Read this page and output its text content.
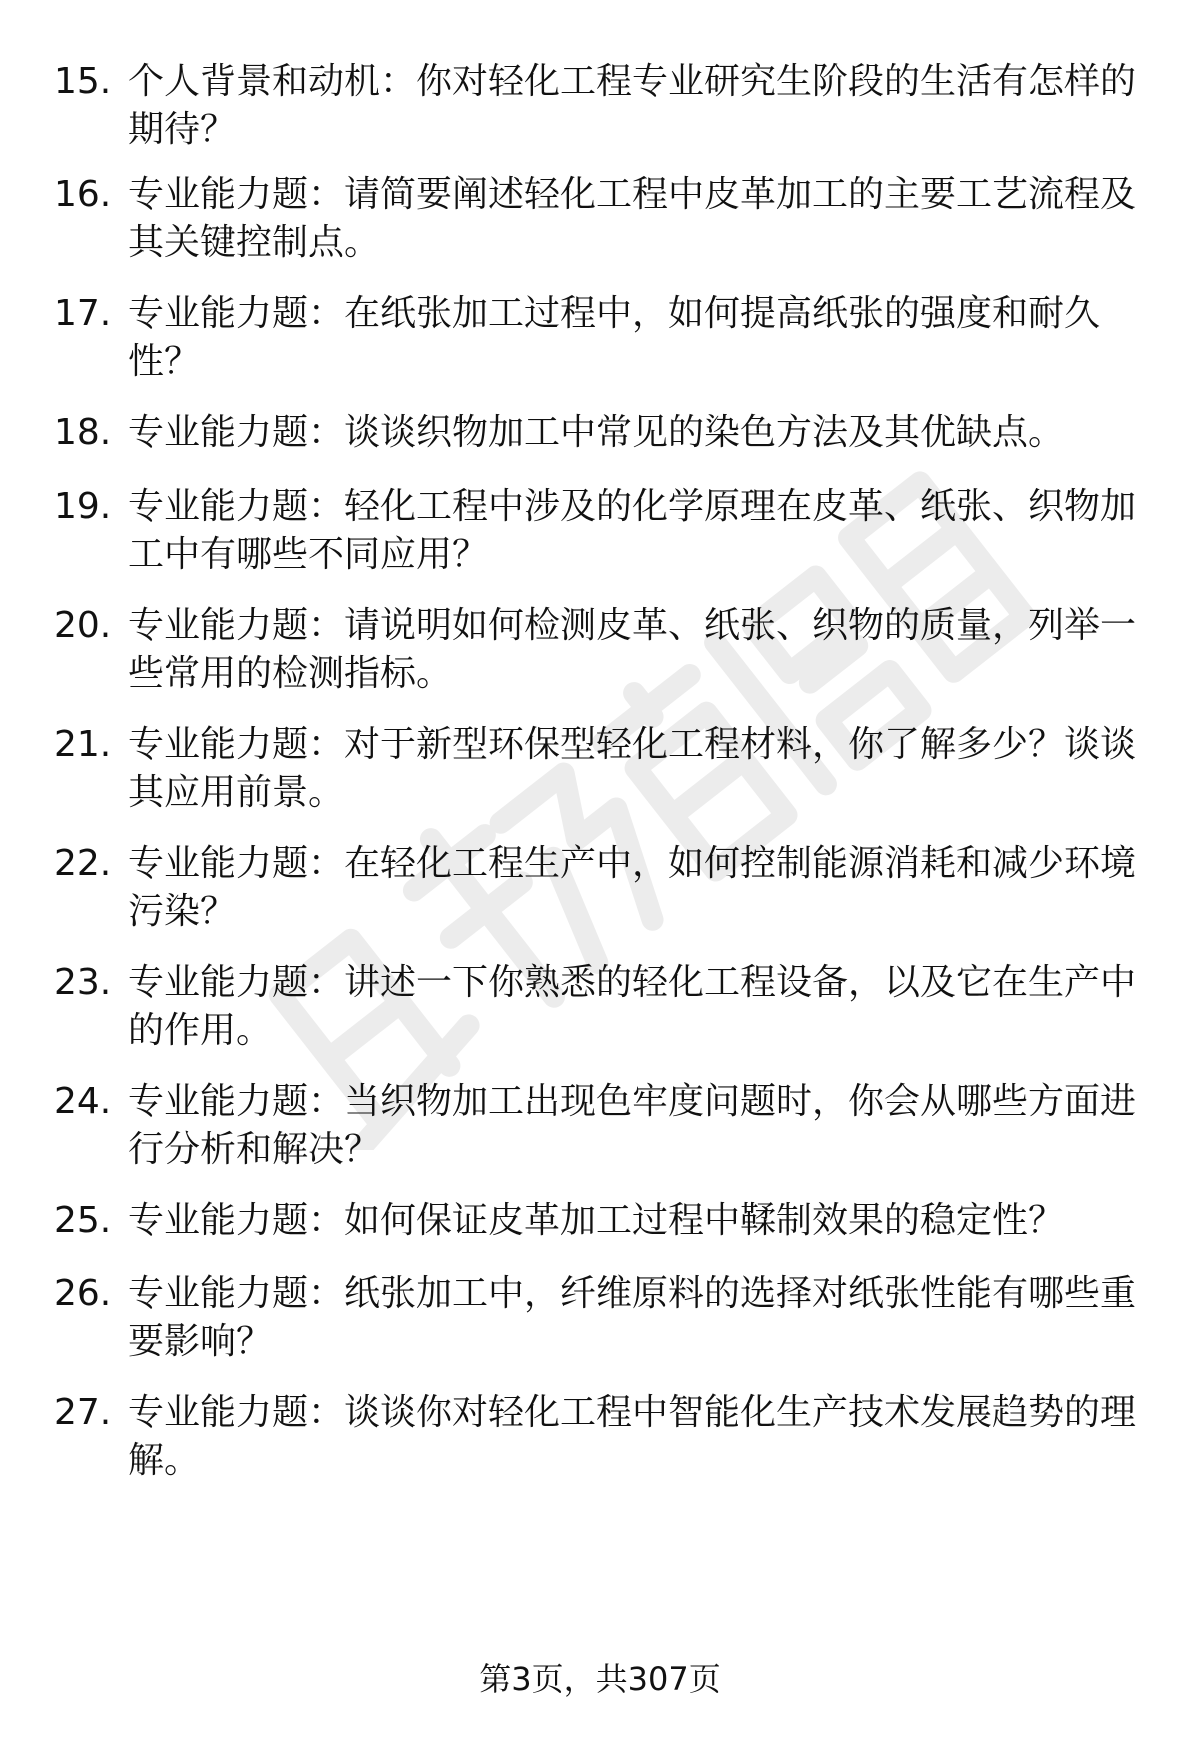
15. 个人背景和动机：你对轻化工程专业研究生阶段的生活有怎样的期待？
16. 专业能力题：请简要阐述轻化工程中皮革加工的主要工艺流程及其关键控制点。
17. 专业能力题：在纸张加工过程中，如何提高纸张的强度和耐久性？
18. 专业能力题：谈谈织物加工中常见的染色方法及其优缺点。
19. 专业能力题：轻化工程中涉及的化学原理在皮革、纸张、织物加工中有哪些不同应用？
20. 专业能力题：请说明如何检测皮革、纸张、织物的质量，列举一些常用的检测指标。
21. 专业能力题：对于新型环保型轻化工程材料，你了解多少？谈谈其应用前景。
22. 专业能力题：在轻化工程生产中，如何控制能源消耗和减少环境污染？
23. 专业能力题：讲述一下你熟悉的轻化工程设备，以及它在生产中的作用。
24. 专业能力题：当织物加工出现色牢度问题时，你会从哪些方面进行分析和解决？
25. 专业能力题：如何保证皮革加工过程中鞣制效果的稳定性？
26. 专业能力题：纸张加工中，纤维原料的选择对纸张性能有哪些重要影响？
27. 专业能力题：谈谈你对轻化工程中智能化生产技术发展趋势的理解。
第3页，共307页
